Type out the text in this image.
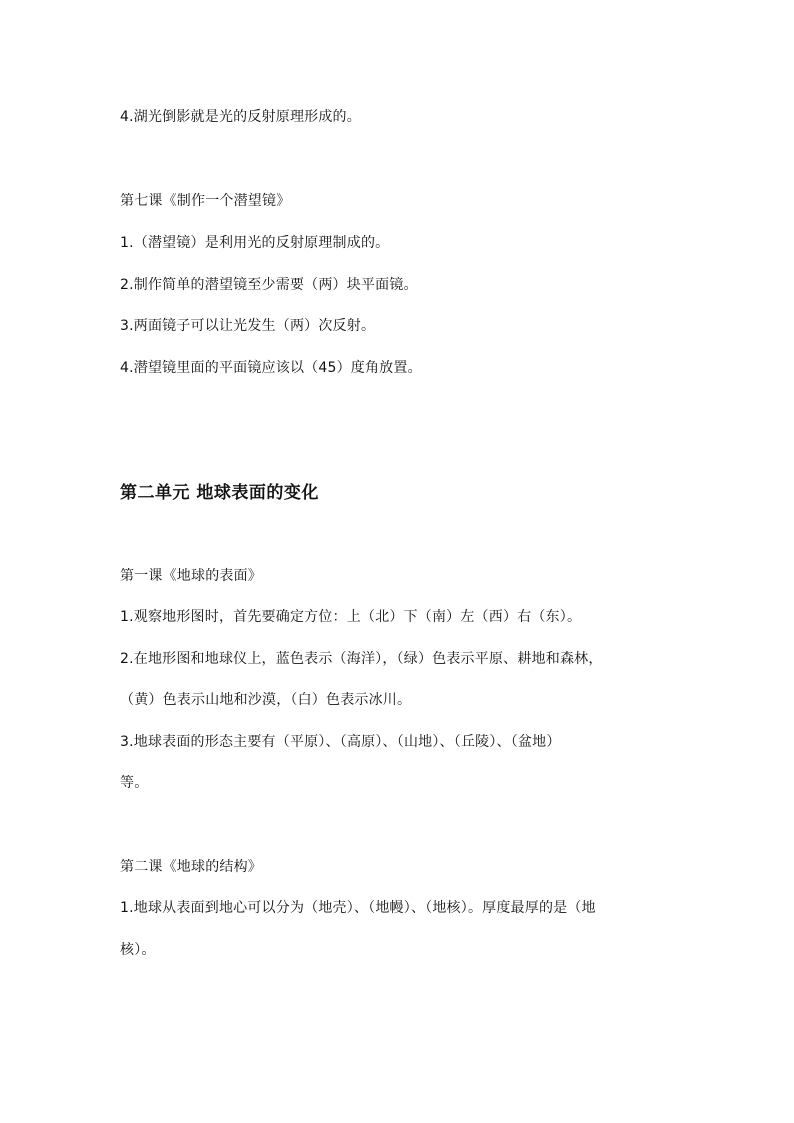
4.湖光倒影就是光的反射原理形成的。
第七课《制作一个潜望镜》
1.（潜望镜）是利用光的反射原理制成的。
2.制作简单的潜望镜至少需要（两）块平面镜。
3.两面镜子可以让光发生（两）次反射。
4.潜望镜里面的平面镜应该以（45）度角放置。
第二单元 地球表面的变化
第一课《地球的表面》
1.观察地形图时，首先要确定方位：上（北）下（南）左（西）右（东）。
2.在地形图和地球仪上，蓝色表示（海洋），（绿）色表示平原、耕地和森林，
（黄）色表示山地和沙漠，（白）色表示冰川。
3.地球表面的形态主要有（平原）、（高原）、（山地）、（丘陵）、（盆地）
等。
第二课《地球的结构》
1.地球从表面到地心可以分为（地壳）、（地幔）、（地核）。厚度最厚的是（地
核）。
